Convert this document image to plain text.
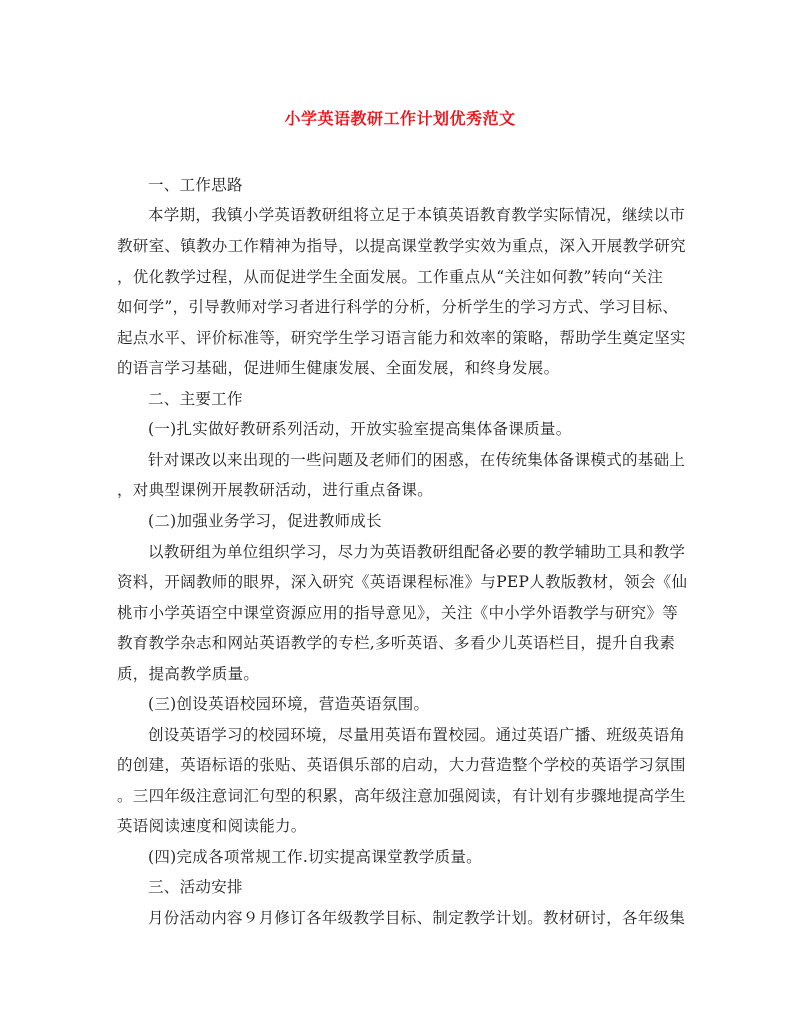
小学英语教研工作计划优秀范文
一、工作思路
本学期，我镇小学英语教研组将立足于本镇英语教育教学实际情况，继续以市
教研室、镇教办工作精神为指导，以提高课堂教学实效为重点，深入开展教学研究
，优化教学过程，从而促进学生全面发展。工作重点从“关注如何教”转向“关注
如何学”，引导教师对学习者进行科学的分析，分析学生的学习方式、学习目标、
起点水平、评价标准等，研究学生学习语言能力和效率的策略，帮助学生奠定坚实
的语言学习基础，促进师生健康发展、全面发展，和终身发展。
二、主要工作
(一)扎实做好教研系列活动，开放实验室提高集体备课质量。
针对课改以来出现的一些问题及老师们的困惑，在传统集体备课模式的基础上
，对典型课例开展教研活动，进行重点备课。
(二)加强业务学习，促进教师成长
以教研组为单位组织学习，尽力为英语教研组配备必要的教学辅助工具和教学
资料，开阔教师的眼界，深入研究《英语课程标准》与PEP人教版教材，领会《仙
桃市小学英语空中课堂资源应用的指导意见》，关注《中小学外语教学与研究》等
教育教学杂志和网站英语教学的专栏,多听英语、多看少儿英语栏目，提升自我素
质，提高教学质量。
(三)创设英语校园环境，营造英语氛围。
创设英语学习的校园环境，尽量用英语布置校园。通过英语广播、班级英语角
的创建，英语标语的张贴、英语俱乐部的启动，大力营造整个学校的英语学习氛围
。三四年级注意词汇句型的积累，高年级注意加强阅读，有计划有步骤地提高学生
英语阅读速度和阅读能力。
(四)完成各项常规工作.切实提高课堂教学质量。
三、活动安排
月份活动内容９月修订各年级教学目标、制定教学计划。教材研讨，各年级集
